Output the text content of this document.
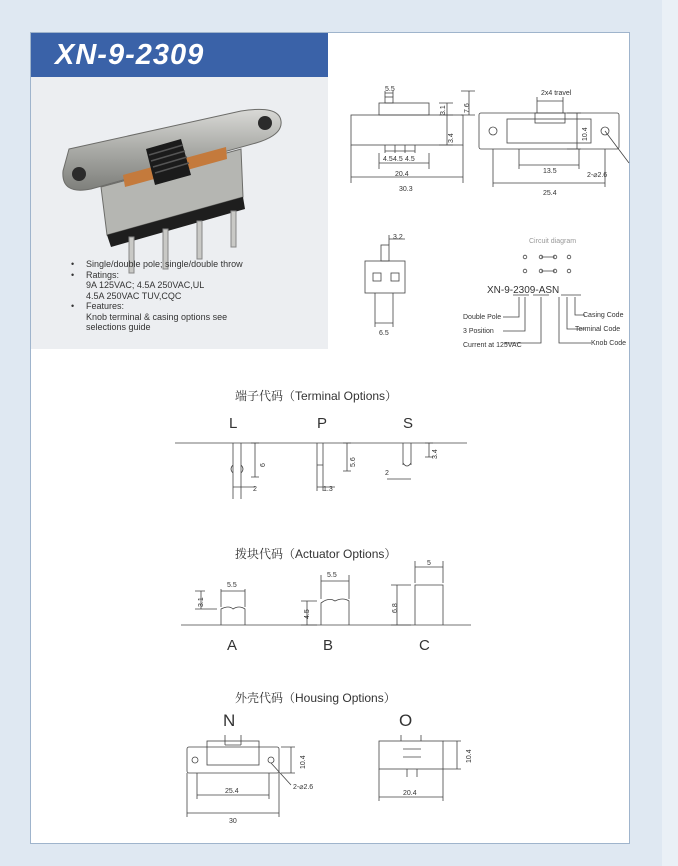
XN-9-2309
• Single/double pole; single/double throw
• Ratings:
9A 125VAC; 4.5A 250VAC,UL
4.5A 250VAC TUV,CQC
• Features:
Knob terminal & casing options see
selections guide
5.5
3.1 7.6
3.4
4.5 4.5 4.5
20.4
30.3
2x4 travel
10.4
2-⌀2.6
13.5
25.4
3.2
6.5
Circuit diagram
XN-9-2309-ASN
Double Pole
3 Position
Current at 125VAC
Casing Code
Terminal Code
Knob Code
端子代码（Terminal Options）
L	P	S
6
2
5.6
1.3
3.4
2
拨块代码（Actuator Options）
5.5
3.1
5.5
4.5
5
6.8
A	B	C
外壳代码（Housing Options）
N	O
10.4
2-⌀2.6
25.4
30
10.4
20.4
